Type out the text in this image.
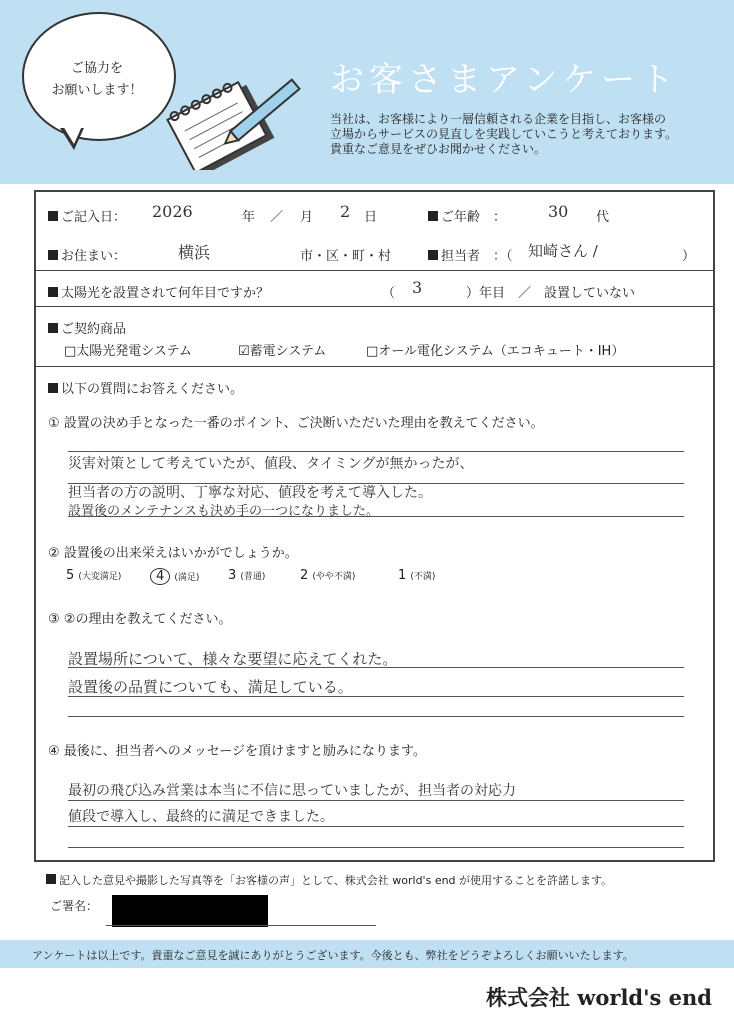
ご協力を
お願いします！	お客さまアンケート
当社は、お客様により一層信頼される企業を目指し、お客様の
立場からサービスの見直しを実践していこうと考えております。
貴重なご意見をぜひお聞かせください。
ご記入日： 2026	年 ／ 月 2 日	ご年齢　：	30 代
お住まい：	横浜	市・区・町・村	担当者　：（ 知崎さん /	）
太陽光を設置されて何年目ですか？	（ 3	）年目　／　設置していない
ご契約商品
□太陽光発電システム	☑蓄電システム	□オール電化システム（エコキュート・IH）
以下の質問にお答えください。
① 設置の決め手となった一番のポイント、ご決断いただいた理由を教えてください。
災害対策として考えていたが、値段、タイミングが無かったが、
担当者の方の説明、丁寧な対応、値段を考えて導入した。
設置後のメンテナンスも決め手の一つになりました。
② 設置後の出来栄えはいかがでしょうか。
5 (大変満足)	4 (満足) 3 (普通)	2 (やや不満)	1 (不満)
③ ②の理由を教えてください。
設置場所について、様々な要望に応えてくれた。
設置後の品質についても、満足している。
④ 最後に、担当者へのメッセージを頂けますと励みになります。
最初の飛び込み営業は本当に不信に思っていましたが、担当者の対応力
値段で導入し、最終的に満足できました。
記入した意見や撮影した写真等を「お客様の声」として、株式会社 world's end が使用することを許諾します。
ご署名：
アンケートは以上です。貴重なご意見を誠にありがとうございます。今後とも、弊社をどうぞよろしくお願いいたします。
株式会社 world's end
